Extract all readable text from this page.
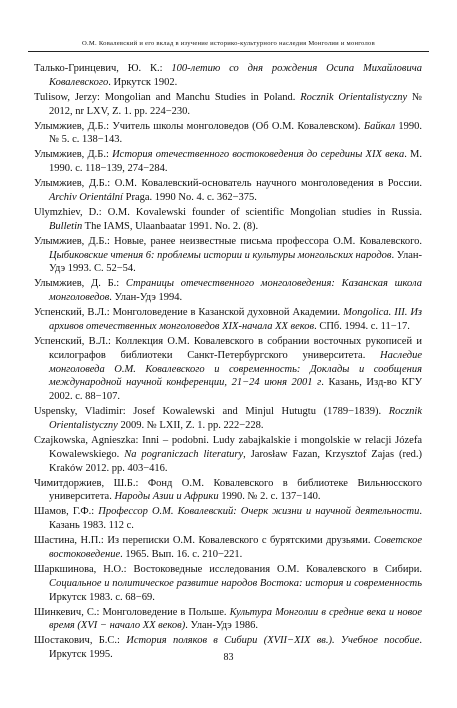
О.М. Ковалевский и его вклад в изучение историко-культурного наследия Монголии и монголов

Талько-Гринцевич, Ю. К.: 100-летию со дня рождения Осипа Михайловича Ковалевского. Иркутск 1902.

Tulisow, Jerzy: Mongolian and Manchu Studies in Poland. Rocznik Orientalistyczny № 2012, nr LXV, Z. 1. pp. 224−230.

Улымжиев, Д.Б.: Учитель школы монголоведов (Об О.М. Ковалевском). Байкал 1990. № 5. с. 138−143.

Улымжиев, Д.Б.: История отечественного востоковедения до середины XIX века. М. 1990. с. 118−139, 274−284.

Улымжиев, Д.Б.: О.М. Ковалевский-основатель научного монголоведения в России. Archiv Orientální Praga. 1990 No. 4. с. 362−375.

Ulymzhiev, D.: O.M. Kovalewski founder of scientific Mongolian studies in Russia. Bulletin The IAMS, Ulaanbaatar 1991. No. 2. (8).

Улымжиев, Д.Б.: Новые, ранее неизвестные письма профессора О.М. Ковалевского. Цыбиковские чтения 6: проблемы истории и культуры монгольских народов. Улан-Удэ 1993. С. 52−54.

Улымжиев, Д. Б.: Страницы отечественного монголоведения: Казанская школа монголоведов. Улан-Удэ 1994.

Успенский, В.Л.: Монголоведение в Казанской духовной Академии. Mongolica. III. Из архивов отечественных монголоведов XIX-начала XX веков. СПб. 1994. с. 11−17.

Успенский, В.Л.: Коллекция О.М. Ковалевского в собрании восточных рукописей и ксилографов библиотеки Санкт-Петербургского университета. Наследие монголоведа О.М. Ковалевского и современность: Доклады и сообщения международной научной конференции, 21−24 июня 2001 г. Казань, Изд-во КГУ 2002. с. 88−107.

Uspensky, Vladimir: Josef Kowalewski and Minjul Hutugtu (1789−1839). Rocznik Orientalistyczny 2009. № LXII, Z. 1. pp. 222−228.

Czajkowska, Agnieszka: Inni – podobni. Ludy zabajkalskie i mongolskie w relacji Józefa Kowalewskiego. Na pograniczach literatury, Jarosław Fazan, Krzysztof Zajas (red.) Kraków 2012. pp. 403−416.

Чимитдоржиев, Ш.Б.: Фонд О.М. Ковалевского в библиотеке Вильнюсского университета. Народы Азии и Африки 1990. № 2. с. 137−140.

Шамов, Г.Ф.: Профессор О.М. Ковалевский: Очерк жизни и научной деятельности. Казань 1983. 112 с.

Шастина, Н.П.: Из переписки О.М. Ковалевского с бурятскими друзьями. Советское востоковедение. 1965. Вып. 16. с. 210−221.

Шаркшинова, Н.О.: Востоковедные исследования О.М. Ковалевского в Сибири. Социальное и политическое развитие народов Востока: история и современность Иркутск 1983. с. 68−69.

Шинкевич, С.: Монголоведение в Польше. Культура Монголии в средние века и новое время (XVI − начало XX веков). Улан-Удэ 1986.

Шостакович, Б.С.: История поляков в Сибири (XVII−XIX вв.). Учебное пособие. Иркутск 1995.	83
